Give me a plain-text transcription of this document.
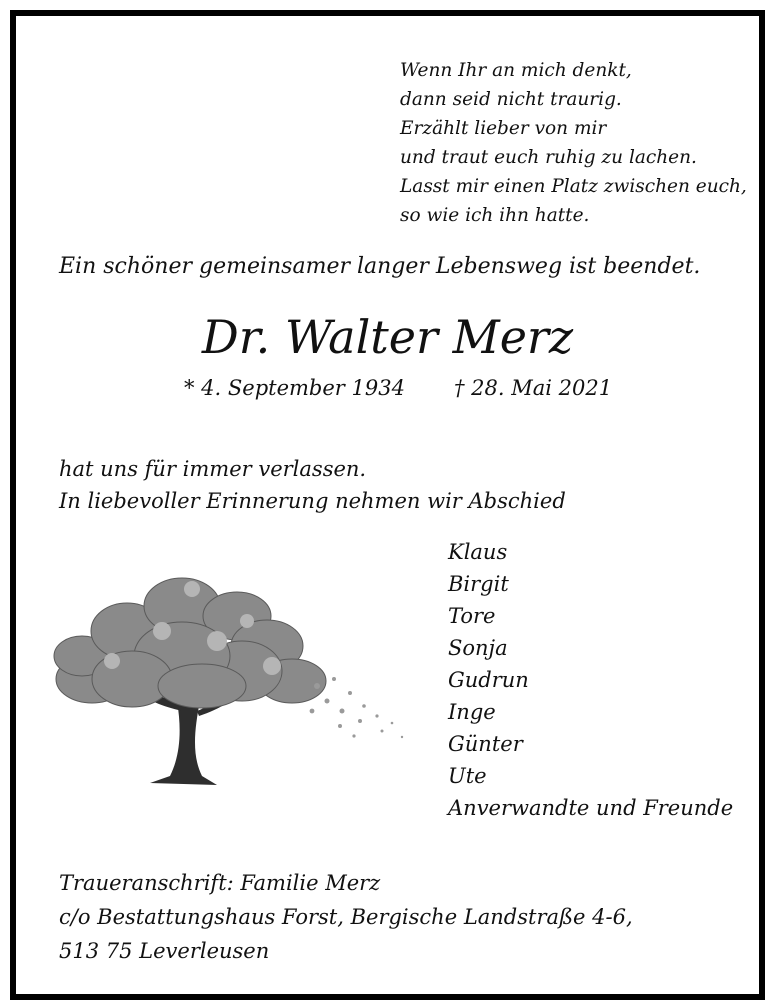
Wenn Ihr an mich denkt,
dann seid nicht traurig.
Erzählt lieber von mir
und traut euch ruhig zu lachen.
Lasst mir einen Platz zwischen euch,
so wie ich ihn hatte.
Ein schöner gemeinsamer langer Lebensweg ist beendet.
Dr. Walter Merz
* 4. September 1934 † 28. Mai 2021
hat uns für immer verlassen.
In liebevoller Erinnerung nehmen wir Abschied
Klaus
Birgit
Tore
Sonja
Gudrun
Inge
Günter
Ute
Anverwandte und Freunde
Traueranschrift: Familie Merz
c/o Bestattungshaus Forst, Bergische Landstraße 4-6,
513 75 Leverleusen
